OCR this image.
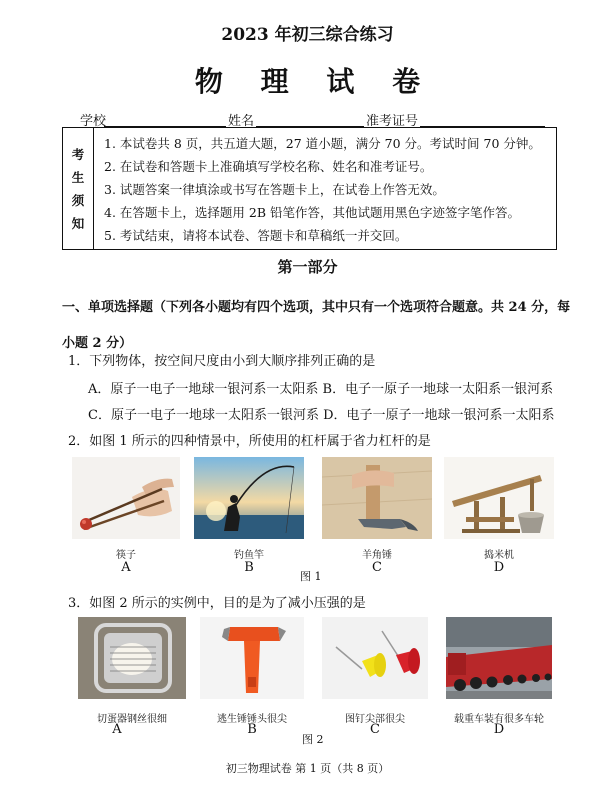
2023 年初三综合练习
物 理 试 卷
学校	姓名	准考证号
考
生
须
知

1. 本试卷共 8 页，共五道大题，27 道小题，满分 70 分。考试时间 70 分钟。
2. 在试卷和答题卡上准确填写学校名称、姓名和准考证号。
3. 试题答案一律填涂或书写在答题卡上，在试卷上作答无效。
4. 在答题卡上，选择题用 2B 铅笔作答，其他试题用黑色字迹签字笔作答。
5. 考试结束，请将本试卷、答题卡和草稿纸一并交回。
第一部分
一、单项选择题（下列各小题均有四个选项，其中只有一个选项符合题意。共 24 分，每小题 2 分）
1．下列物体，按空间尺度由小到大顺序排列正确的是
A．原子一电子一地球一银河系一太阳系 B．电子一原子一地球一太阳系一银河系
C．原子一电子一地球一太阳系一银河系 D．电子一原子一地球一银河系一太阳系
2．如图 1 所示的四种情景中，所使用的杠杆属于省力杠杆的是
筷子
A
钓鱼竿
B
羊角锤
C
捣米机
D
图 1
3．如图 2 所示的实例中，目的是为了减小压强的是
切蛋器钢丝很细
A
逃生锤锤头很尖
B
图钉尖部很尖
C
载重车装有很多车轮
D
图 2
初三物理试卷 第 1 页（共 8 页）
